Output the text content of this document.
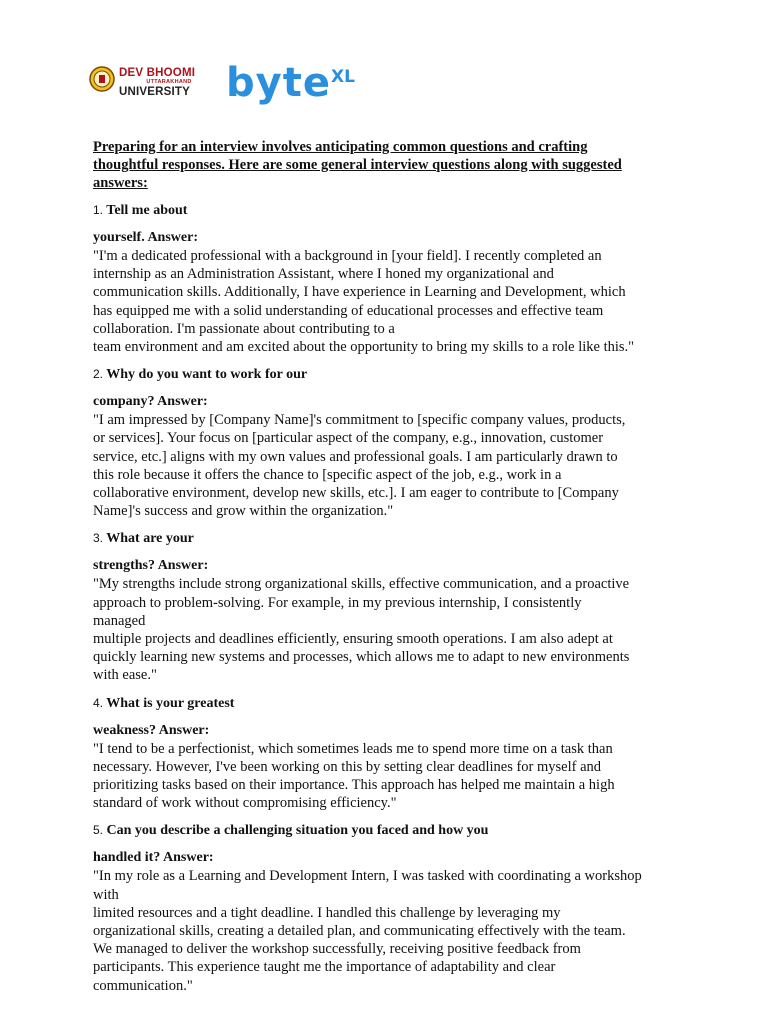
DEV BHOOMI
UTTARAKHAND
UNIVERSITY byte$^{XL}$

Preparing for an interview involves anticipating common questions and crafting
thoughtful responses. Here are some general interview questions along with suggested
answers:

1. Tell me about

yourself. Answer:

"I'm a dedicated professional with a background in [your field]. I recently completed an
internship as an Administration Assistant, where I honed my organizational and
communication skills. Additionally, I have experience in Learning and Development, which
has equipped me with a solid understanding of educational processes and effective team
collaboration. I'm passionate about contributing to a
team environment and am excited about the opportunity to bring my skills to a role like this."

2. Why do you want to work for our

company? Answer:

"I am impressed by [Company Name]'s commitment to [specific company values, products,
or services]. Your focus on [particular aspect of the company, e.g., innovation, customer
service, etc.] aligns with my own values and professional goals. I am particularly drawn to
this role because it offers the chance to [specific aspect of the job, e.g., work in a
collaborative environment, develop new skills, etc.]. I am eager to contribute to [Company
Name]'s success and grow within the organization."

3. What are your

strengths? Answer:

"My strengths include strong organizational skills, effective communication, and a proactive
approach to problem-solving. For example, in my previous internship, I consistently
managed
multiple projects and deadlines efficiently, ensuring smooth operations. I am also adept at
quickly learning new systems and processes, which allows me to adapt to new environments
with ease."

4. What is your greatest

weakness? Answer:

"I tend to be a perfectionist, which sometimes leads me to spend more time on a task than
necessary. However, I've been working on this by setting clear deadlines for myself and
prioritizing tasks based on their importance. This approach has helped me maintain a high
standard of work without compromising efficiency."

5. Can you describe a challenging situation you faced and how you

handled it? Answer:

"In my role as a Learning and Development Intern, I was tasked with coordinating a workshop
with
limited resources and a tight deadline. I handled this challenge by leveraging my
organizational skills, creating a detailed plan, and communicating effectively with the team.
We managed to deliver the workshop successfully, receiving positive feedback from
participants. This experience taught me the importance of adaptability and clear
communication."
